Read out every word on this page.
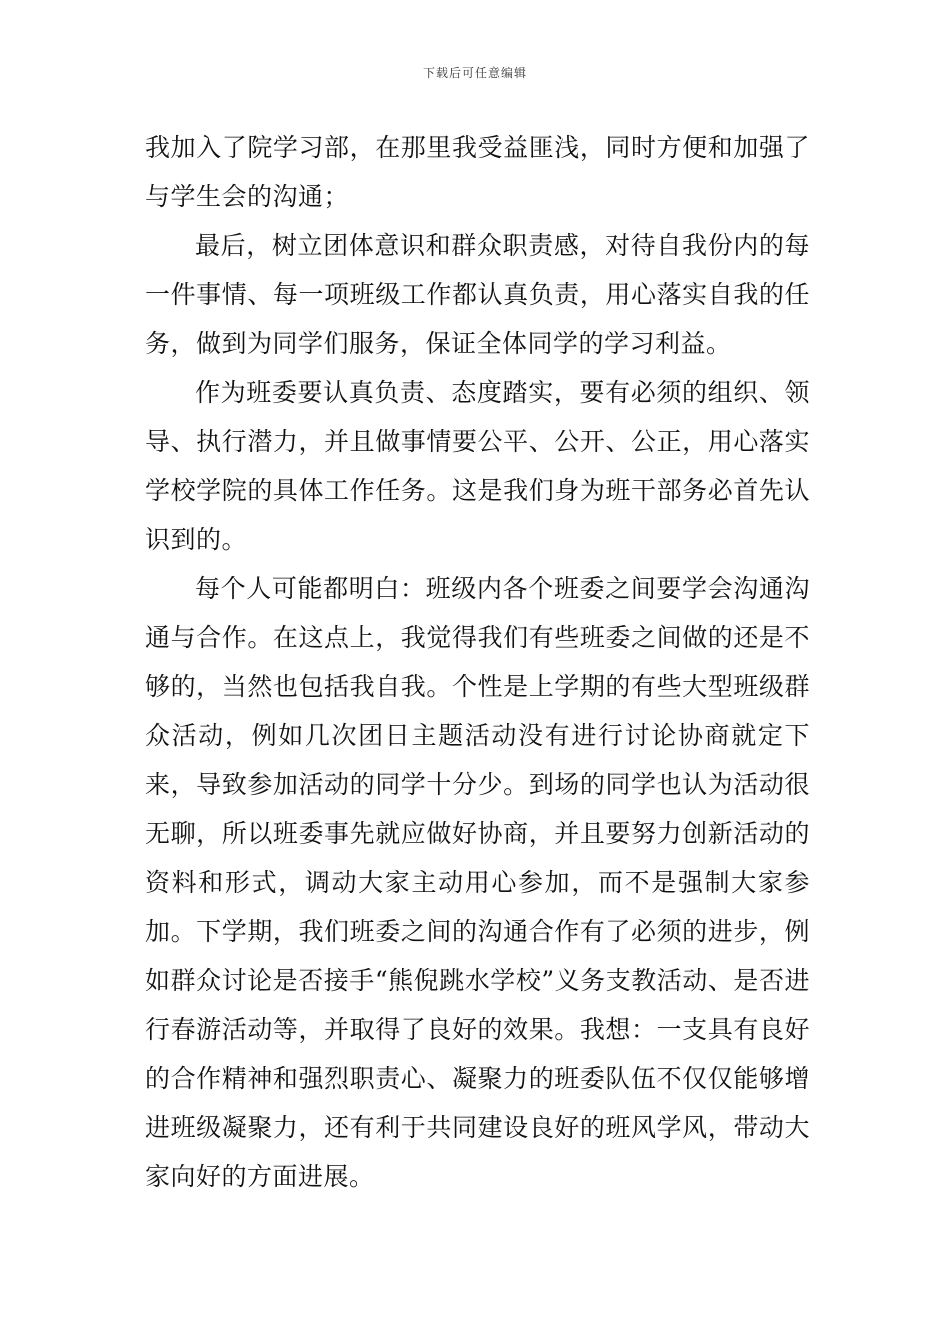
下载后可任意编辑

我加入了院学习部，在那里我受益匪浅，同时方便和加强了与学生会的沟通；

最后，树立团体意识和群众职责感，对待自我份内的每一件事情、每一项班级工作都认真负责，用心落实自我的任务，做到为同学们服务，保证全体同学的学习利益。

作为班委要认真负责、态度踏实，要有必须的组织、领导、执行潜力，并且做事情要公平、公开、公正，用心落实学校学院的具体工作任务。这是我们身为班干部务必首先认识到的。

每个人可能都明白：班级内各个班委之间要学会沟通沟通与合作。在这点上，我觉得我们有些班委之间做的还是不够的，当然也包括我自我。个性是上学期的有些大型班级群众活动，例如几次团日主题活动没有进行讨论协商就定下来，导致参加活动的同学十分少。到场的同学也认为活动很无聊，所以班委事先就应做好协商，并且要努力创新活动的资料和形式，调动大家主动用心参加，而不是强制大家参加。下学期，我们班委之间的沟通合作有了必须的进步，例如群众讨论是否接手“熊倪跳水学校”义务支教活动、是否进行春游活动等，并取得了良好的效果。我想：一支具有良好的合作精神和强烈职责心、凝聚力的班委队伍不仅仅能够增进班级凝聚力，还有利于共同建设良好的班风学风，带动大家向好的方面进展。
